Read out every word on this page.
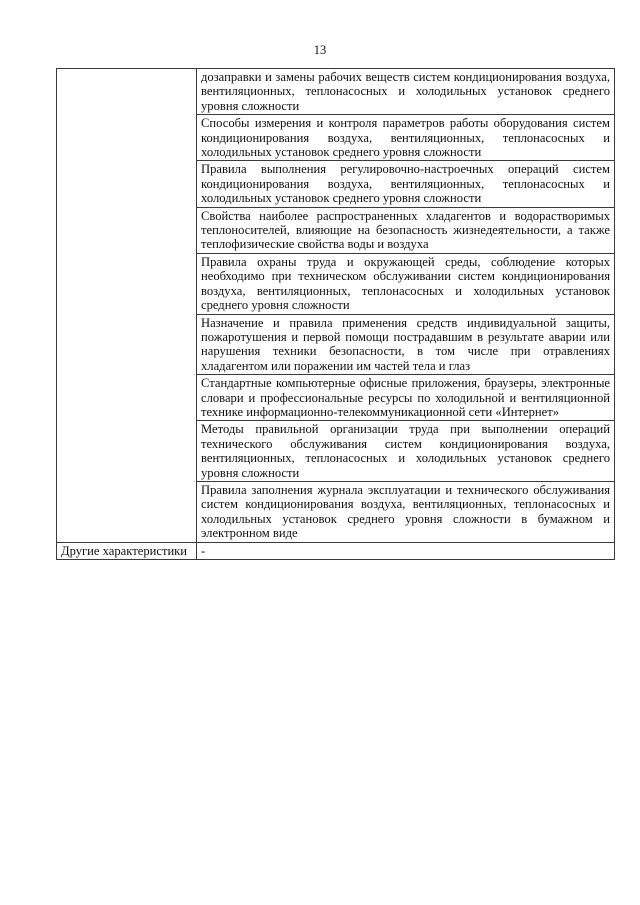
13
	дозаправки и замены рабочих веществ систем кондиционирования воздуха, вентиляционных, теплонасосных и холодильных установок среднего уровня сложности
	Способы измерения и контроля параметров работы оборудования систем кондиционирования воздуха, вентиляционных, теплонасосных и холодильных установок среднего уровня сложности
	Правила выполнения регулировочно-настроечных операций систем кондиционирования воздуха, вентиляционных, теплонасосных и холодильных установок среднего уровня сложности
	Свойства наиболее распространенных хладагентов и водорастворимых теплоносителей, влияющие на безопасность жизнедеятельности, а также теплофизические свойства воды и воздуха
	Правила охраны труда и окружающей среды, соблюдение которых необходимо при техническом обслуживании систем кондиционирования воздуха, вентиляционных, теплонасосных и холодильных установок среднего уровня сложности
	Назначение и правила применения средств индивидуальной защиты, пожаротушения и первой помощи пострадавшим в результате аварии или нарушения техники безопасности, в том числе при отравлениях хладагентом или поражении им частей тела и глаз
	Стандартные компьютерные офисные приложения, браузеры, электронные словари и профессиональные ресурсы по холодильной и вентиляционной технике информационно-телекоммуникационной сети «Интернет»
	Методы правильной организации труда при выполнении операций технического обслуживания систем кондиционирования воздуха, вентиляционных, теплонасосных и холодильных установок среднего уровня сложности
	Правила заполнения журнала эксплуатации и технического обслуживания систем кондиционирования воздуха, вентиляционных, теплонасосных и холодильных установок среднего уровня сложности в бумажном и электронном виде
Другие характеристики	-
